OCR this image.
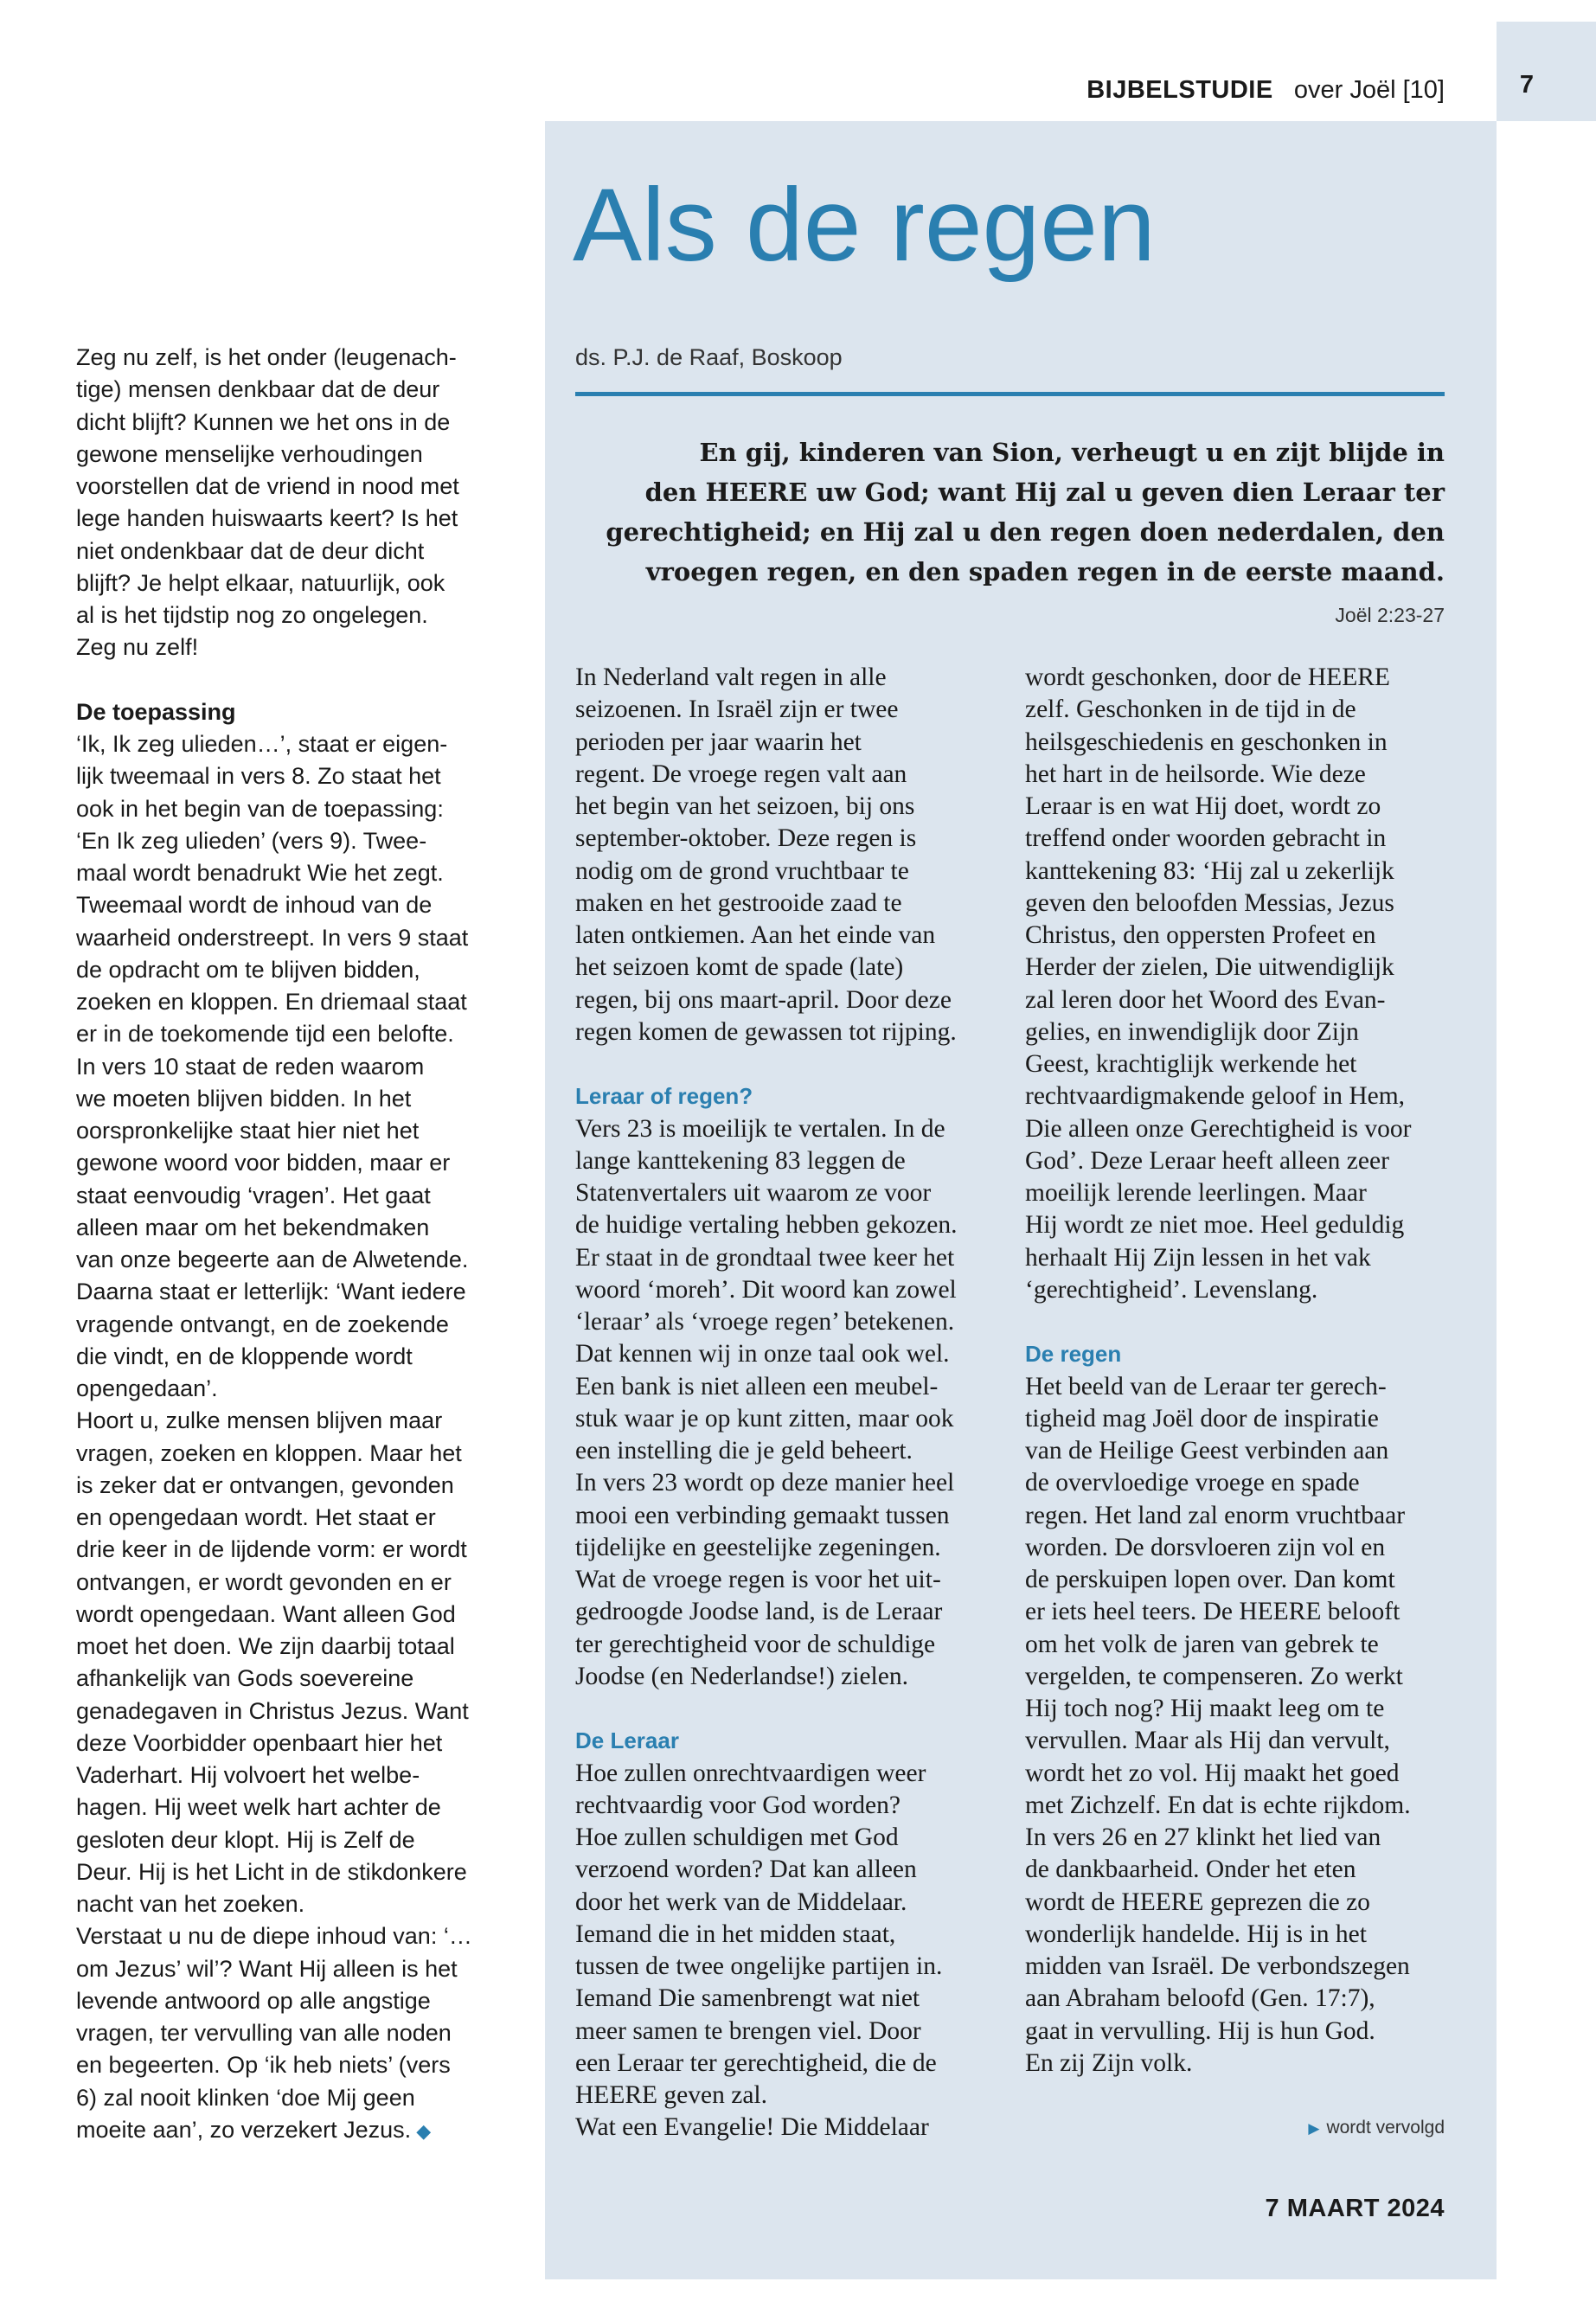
7
BIJBELSTUDIE over Joël [10]
Als de regen
ds. P.J. de Raaf, Boskoop
En gij, kinderen van Sion, verheugt u en zijt blijde in
den HEERE uw God; want Hij zal u geven dien Leraar ter
gerechtigheid; en Hij zal u den regen doen nederdalen, den
vroegen regen, en den spaden regen in de eerste maand.
Joël 2:23-27

Zeg nu zelf, is het onder (leugenach-

tige) mensen denkbaar dat de deur

dicht blijft? Kunnen we het ons in de

gewone menselijke verhoudingen

voorstellen dat de vriend in nood met

lege handen huiswaarts keert? Is het

niet ondenkbaar dat de deur dicht

blijft? Je helpt elkaar, natuurlijk, ook

al is het tijdstip nog zo ongelegen.

Zeg nu zelf!

De toepassing

‘Ik, Ik zeg ulieden…’, staat er eigen-

lijk tweemaal in vers 8. Zo staat het

ook in het begin van de toepassing:

‘En Ik zeg ulieden’ (vers 9). Twee-

maal wordt benadrukt Wie het zegt.

Tweemaal wordt de inhoud van de

waarheid onderstreept. In vers 9 staat

de opdracht om te blijven bidden,

zoeken en kloppen. En driemaal staat

er in de toekomende tijd een belofte.

In vers 10 staat de reden waarom

we moeten blijven bidden. In het

oorspronkelijke staat hier niet het

gewone woord voor bidden, maar er

staat eenvoudig ‘vragen’. Het gaat

alleen maar om het bekendmaken

van onze begeerte aan de Alwetende.

Daarna staat er letterlijk: ‘Want iedere

vragende ontvangt, en de zoekende

die vindt, en de kloppende wordt

opengedaan’.

Hoort u, zulke mensen blijven maar

vragen, zoeken en kloppen. Maar het

is zeker dat er ontvangen, gevonden

en opengedaan wordt. Het staat er

drie keer in de lijdende vorm: er wordt

ontvangen, er wordt gevonden en er

wordt opengedaan. Want alleen God

moet het doen. We zijn daarbij totaal

afhankelijk van Gods soevereine

genadegaven in Christus Jezus. Want

deze Voorbidder openbaart hier het

Vaderhart. Hij volvoert het welbe-

hagen. Hij weet welk hart achter de

gesloten deur klopt. Hij is Zelf de

Deur. Hij is het Licht in de stikdonkere

nacht van het zoeken.

Verstaat u nu de diepe inhoud van: ‘…

om Jezus’ wil’? Want Hij alleen is het

levende antwoord op alle angstige

vragen, ter vervulling van alle noden

en begeerten. Op ‘ik heb niets’ (vers

6) zal nooit klinken ‘doe Mij geen

moeite aan’, zo verzekert Jezus. ◆

In Nederland valt regen in alle

seizoenen. In Israël zijn er twee

perioden per jaar waarin het

regent. De vroege regen valt aan

het begin van het seizoen, bij ons

september-oktober. Deze regen is

nodig om de grond vruchtbaar te

maken en het gestrooide zaad te

laten ontkiemen. Aan het einde van

het seizoen komt de spade (late)

regen, bij ons maart-april. Door deze

regen komen de gewassen tot rijping.

Leraar of regen?

Vers 23 is moeilijk te vertalen. In de

lange kanttekening 83 leggen de

Statenvertalers uit waarom ze voor

de huidige vertaling hebben gekozen.

Er staat in de grondtaal twee keer het

woord ‘moreh’. Dit woord kan zowel

‘leraar’ als ‘vroege regen’ betekenen.

Dat kennen wij in onze taal ook wel.

Een bank is niet alleen een meubel-

stuk waar je op kunt zitten, maar ook

een instelling die je geld beheert.

In vers 23 wordt op deze manier heel

mooi een verbinding gemaakt tussen

tijdelijke en geestelijke zegeningen.

Wat de vroege regen is voor het uit-

gedroogde Joodse land, is de Leraar

ter gerechtigheid voor de schuldige

Joodse (en Nederlandse!) zielen.

De Leraar

Hoe zullen onrechtvaardigen weer

rechtvaardig voor God worden?

Hoe zullen schuldigen met God

verzoend worden? Dat kan alleen

door het werk van de Middelaar.

Iemand die in het midden staat,

tussen de twee ongelijke partijen in.

Iemand Die samenbrengt wat niet

meer samen te brengen viel. Door

een Leraar ter gerechtigheid, die de

HEERE geven zal.

Wat een Evangelie! Die Middelaar

wordt geschonken, door de HEERE

zelf. Geschonken in de tijd in de

heilsgeschiedenis en geschonken in

het hart in de heilsorde. Wie deze

Leraar is en wat Hij doet, wordt zo

treffend onder woorden gebracht in

kanttekening 83: ‘Hij zal u zekerlijk

geven den beloofden Messias, Jezus

Christus, den oppersten Profeet en

Herder der zielen, Die uitwendiglijk

zal leren door het Woord des Evan-

gelies, en inwendiglijk door Zijn

Geest, krachtiglijk werkende het

rechtvaardigmakende geloof in Hem,

Die alleen onze Gerechtigheid is voor

God’. Deze Leraar heeft alleen zeer

moeilijk lerende leerlingen. Maar

Hij wordt ze niet moe. Heel geduldig

herhaalt Hij Zijn lessen in het vak

‘gerechtigheid’. Levenslang.

De regen

Het beeld van de Leraar ter gerech-

tigheid mag Joël door de inspiratie

van de Heilige Geest verbinden aan

de overvloedige vroege en spade

regen. Het land zal enorm vruchtbaar

worden. De dorsvloeren zijn vol en

de perskuipen lopen over. Dan komt

er iets heel teers. De HEERE belooft

om het volk de jaren van gebrek te

vergelden, te compenseren. Zo werkt

Hij toch nog? Hij maakt leeg om te

vervullen. Maar als Hij dan vervult,

wordt het zo vol. Hij maakt het goed

met Zichzelf. En dat is echte rijkdom.

In vers 26 en 27 klinkt het lied van

de dankbaarheid. Onder het eten

wordt de HEERE geprezen die zo

wonderlijk handelde. Hij is in het

midden van Israël. De verbondszegen

aan Abraham beloofd (Gen. 17:7),

gaat in vervulling. Hij is hun God.

En zij Zijn volk.

▶ wordt vervolgd
7 MAART 2024
